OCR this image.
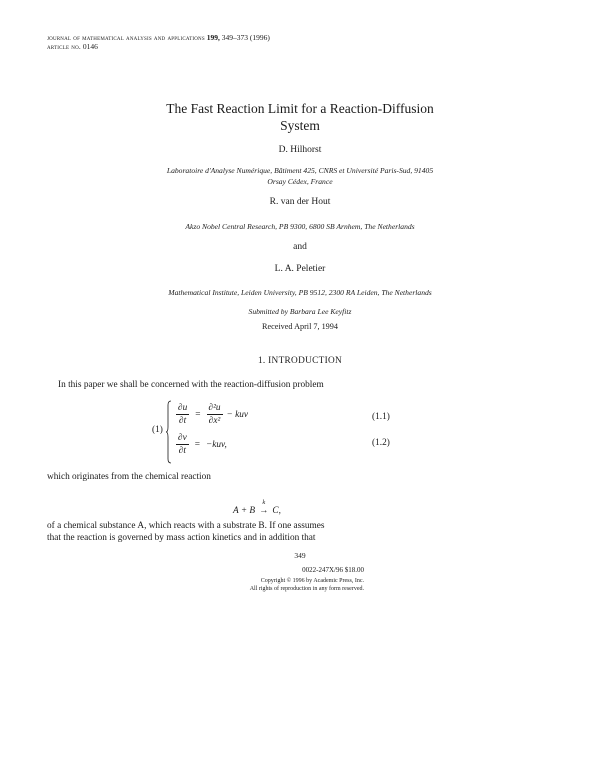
journal of mathematical analysis and applications 199, 349–373 (1996)
article no. 0146
The Fast Reaction Limit for a Reaction-Diffusion
System
D. Hilhorst
Laboratoire d'Analyse Numérique, Bâtiment 425, CNRS et Université Paris-Sud, 91405
Orsay Cédex, France
R. van der Hout
Akzo Nobel Central Research, PB 9300, 6800 SB Arnhem, The Netherlands
and
L. A. Peletier
Mathematical Institute, Leiden University, PB 9512, 2300 RA Leiden, The Netherlands
Submitted by Barbara Lee Keyfitz
Received April 7, 1994
1. INTRODUCTION
In this paper we shall be concerned with the reaction-diffusion problem
(1)
$\frac{\partial u}{\partial t} = \frac{\text{∂²u}}{\text{∂x²}}$ − kuv	(1.1)
$\frac{\partial v}{\partial t} = -kuv$,	(1.2)
which originates from the chemical reaction
A + B
k
→ C,
of a chemical substance A, which reacts with a substrate B. If one assumes
that the reaction is governed by mass action kinetics and in addition that
349
0022-247X/96 $18.00
Copyright © 1996 by Academic Press, Inc.
All rights of reproduction in any form reserved.
